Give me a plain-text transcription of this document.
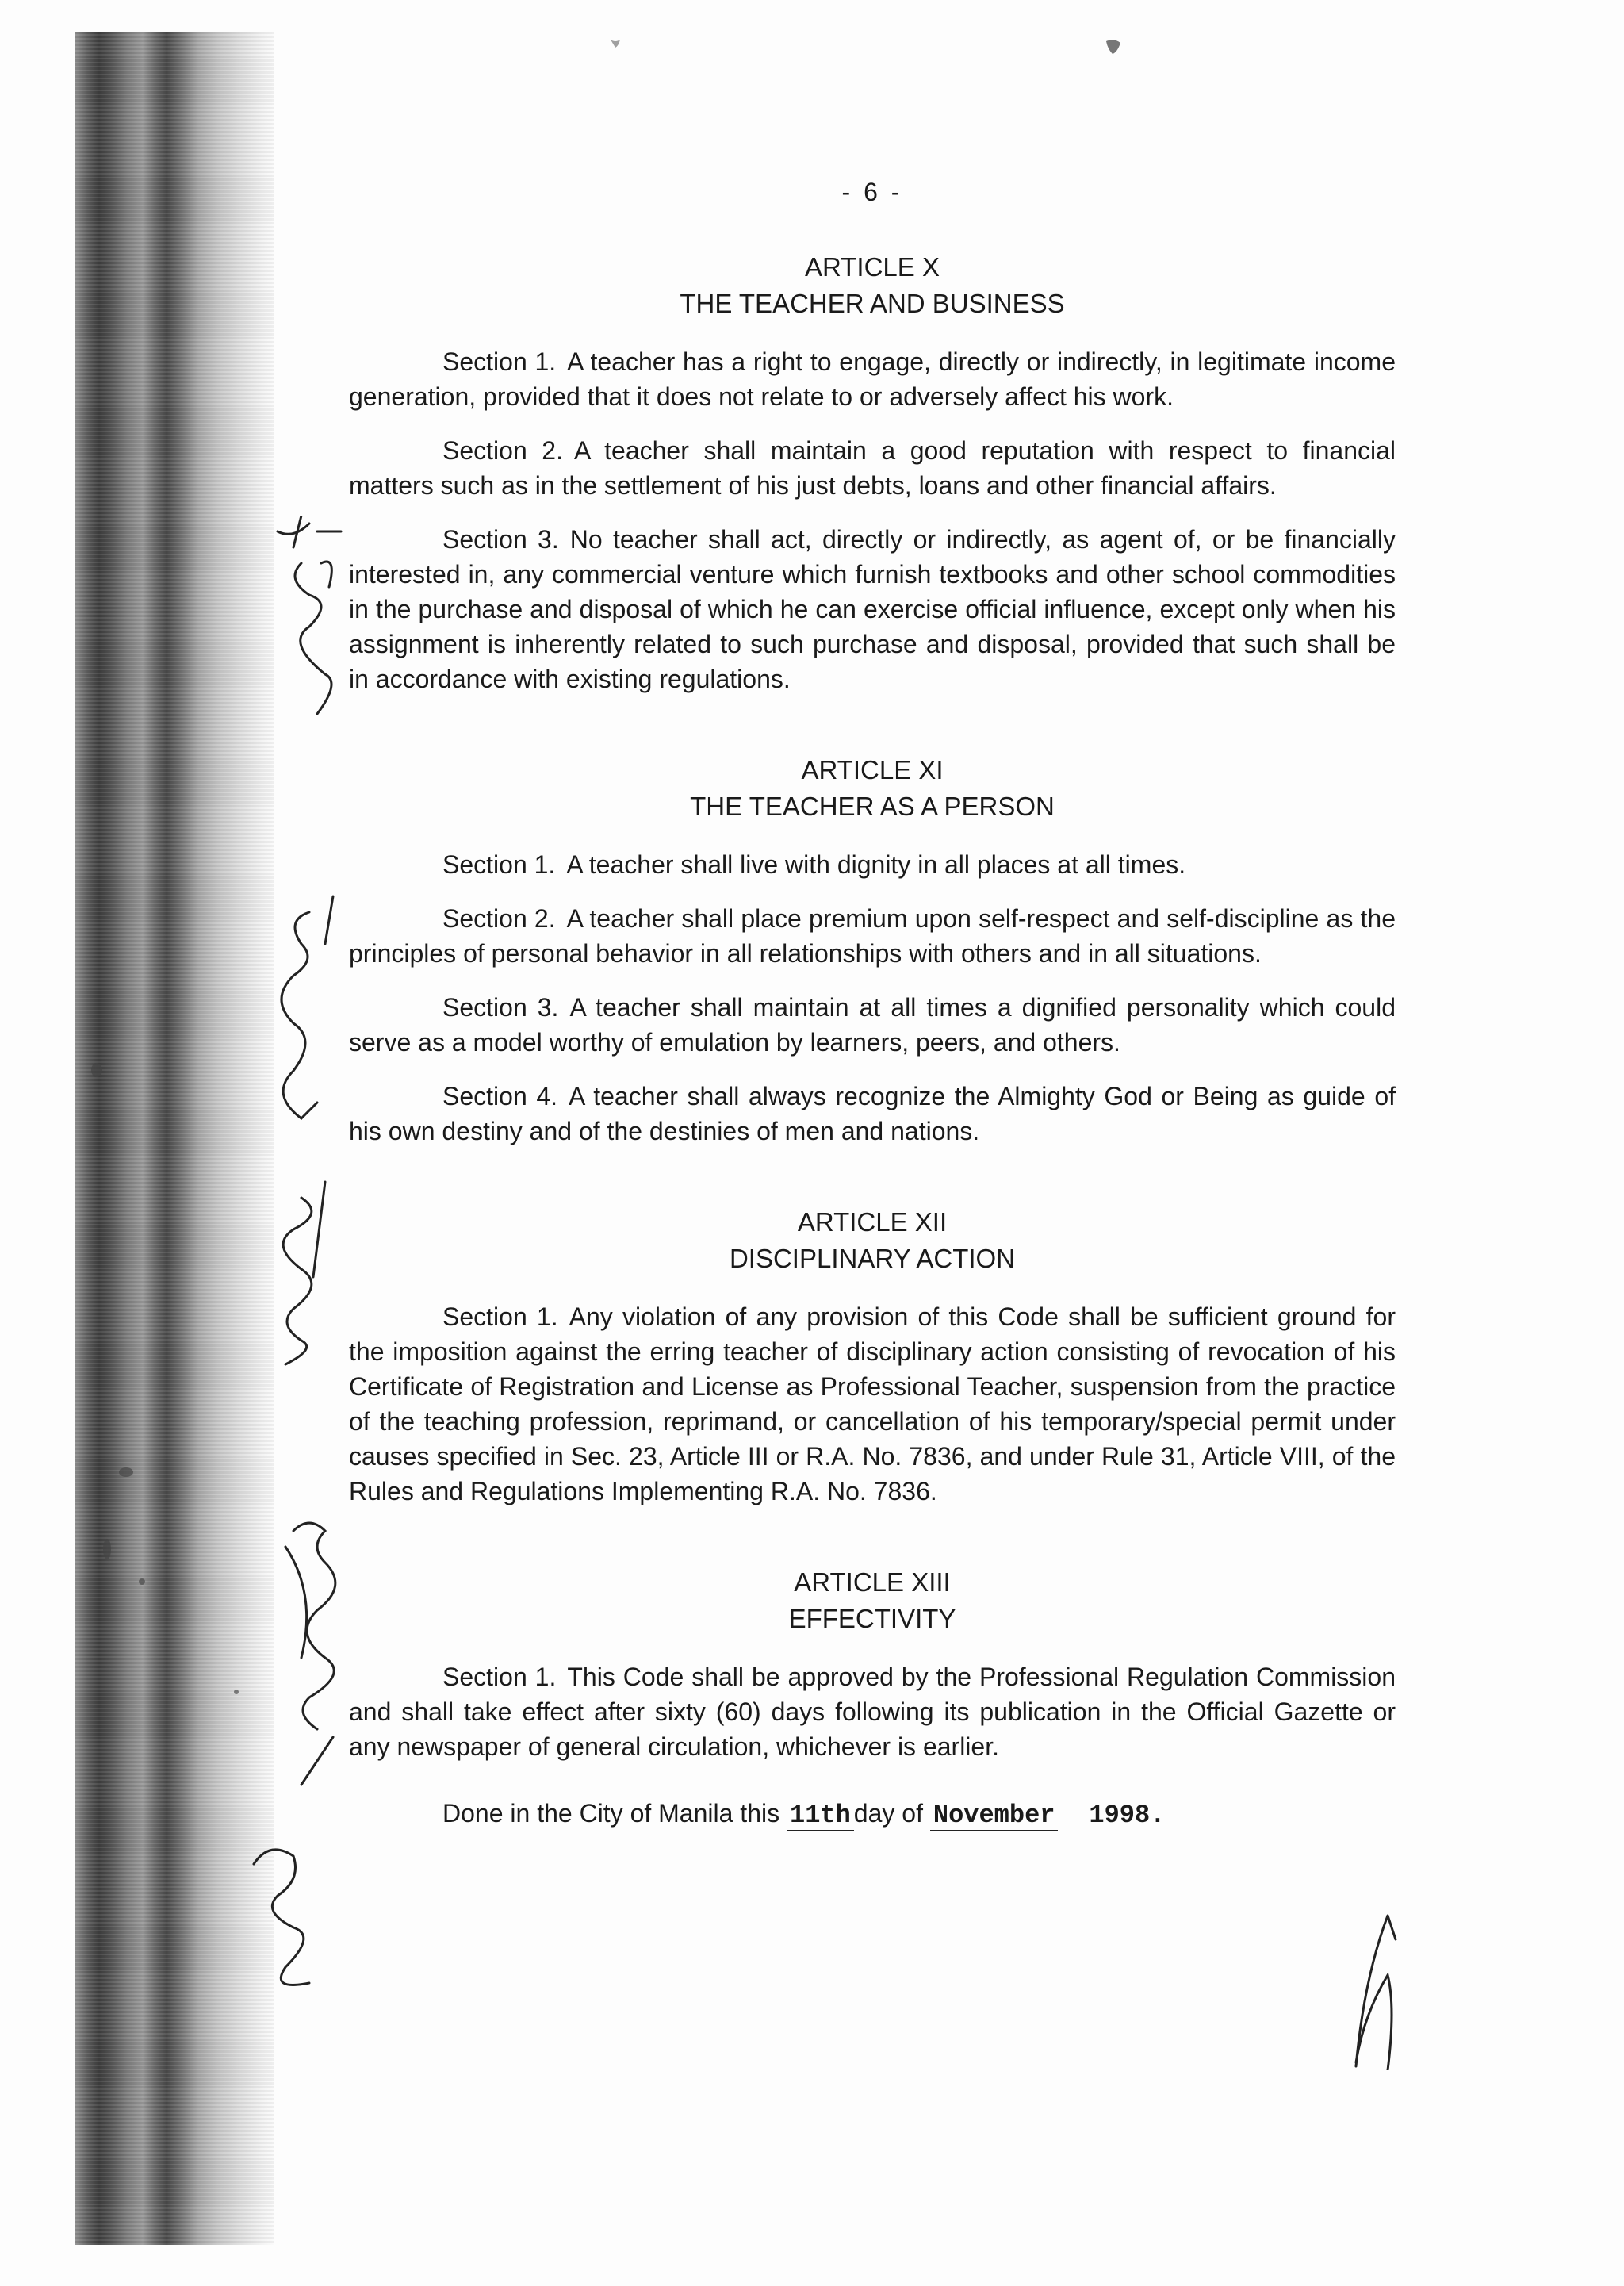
- 6 -
ARTICLE X
THE TEACHER AND BUSINESS

Section 1. A teacher has a right to engage, directly or indirectly, in legitimate income generation, provided that it does not relate to or adversely affect his work.

Section 2. A teacher shall maintain a good reputation with respect to financial matters such as in the settlement of his just debts, loans and other financial affairs.

Section 3. No teacher shall act, directly or indirectly, as agent of, or be financially interested in, any commercial venture which furnish textbooks and other school commodities in the purchase and disposal of which he can exercise official influence, except only when his assignment is inherently related to such purchase and disposal, provided that such shall be in accordance with existing regulations.

ARTICLE XI
THE TEACHER AS A PERSON

Section 1. A teacher shall live with dignity in all places at all times.

Section 2. A teacher shall place premium upon self-respect and self-discipline as the principles of personal behavior in all relationships with others and in all situations.

Section 3. A teacher shall maintain at all times a dignified personality which could serve as a model worthy of emulation by learners, peers, and others.

Section 4. A teacher shall always recognize the Almighty God or Being as guide of his own destiny and of the destinies of men and nations.

ARTICLE XII
DISCIPLINARY ACTION

Section 1. Any violation of any provision of this Code shall be sufficient ground for the imposition against the erring teacher of disciplinary action consisting of revocation of his Certificate of Registration and License as Professional Teacher, suspension from the practice of the teaching profession, reprimand, or cancellation of his temporary/special permit under causes specified in Sec. 23, Article III or R.A. No. 7836, and under Rule 31, Article VIII, of the Rules and Regulations Implementing R.A. No. 7836.

ARTICLE XIII
EFFECTIVITY

Section 1. This Code shall be approved by the Professional Regulation Commission and shall take effect after sixty (60) days following its publication in the Official Gazette or any newspaper of general circulation, whichever is earlier.

Done in the City of Manila this 11th day of November 1998.
